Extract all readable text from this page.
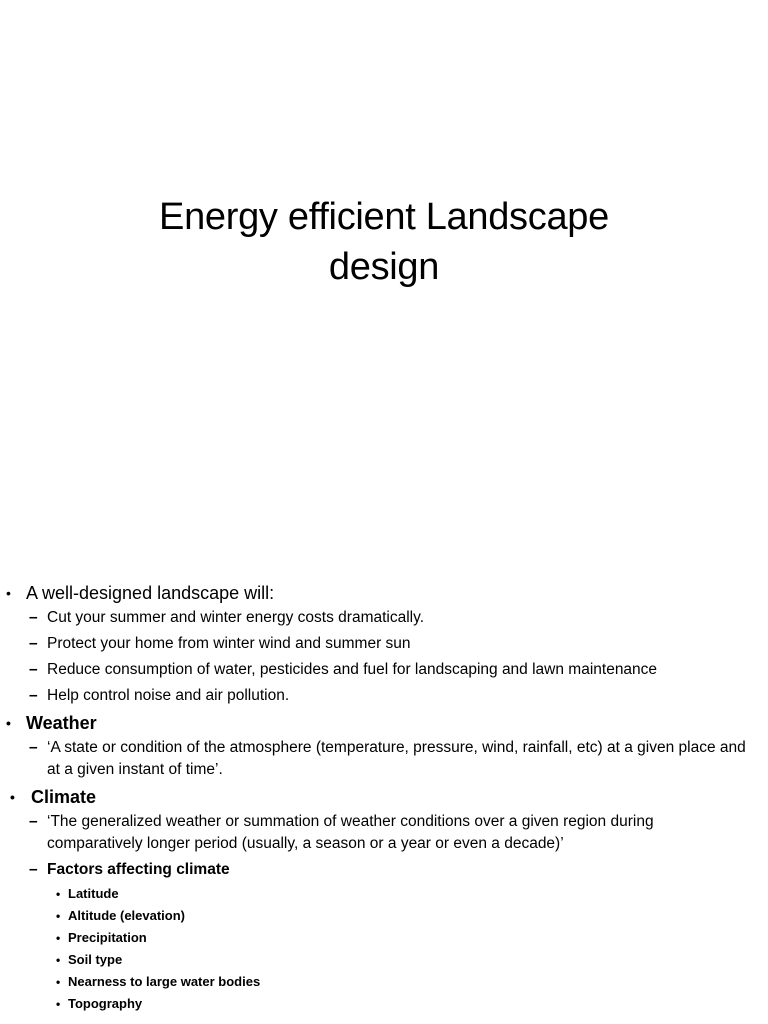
Energy efficient Landscape
design
• A well-designed landscape will:
– Cut your summer and winter energy costs dramatically.
– Protect your home from winter wind and summer sun
– Reduce consumption of water, pesticides and fuel for landscaping and lawn maintenance
– Help control noise and air pollution.
• Weather
– ‘A state or condition of the atmosphere (temperature, pressure, wind, rainfall, etc) at a given place and at a given instant of time’.
• Climate
– ‘The generalized weather or summation of weather conditions over a given region during comparatively longer period (usually, a season or a year or even a decade)’
– Factors affecting climate
• Latitude
• Altitude (elevation)
• Precipitation
• Soil type
• Nearness to large water bodies
• Topography
